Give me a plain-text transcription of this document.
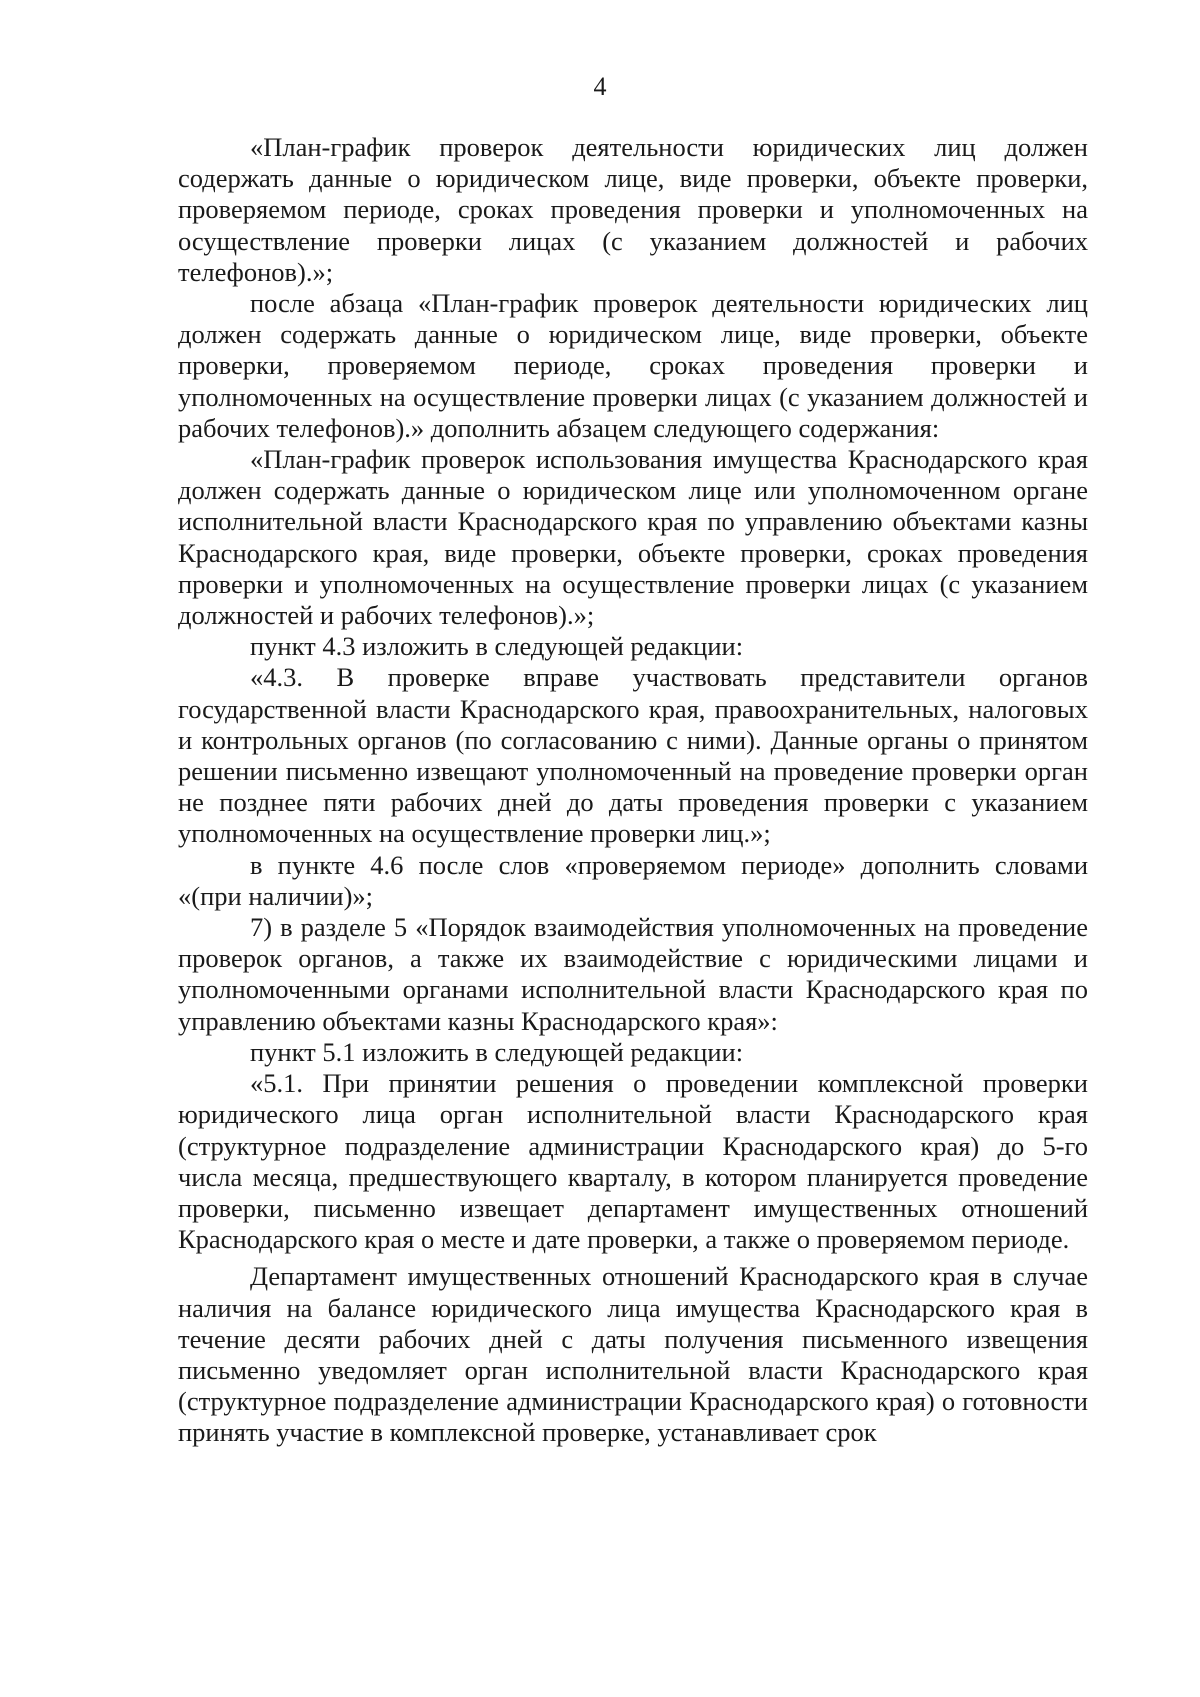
4

«План-график проверок деятельности юридических лиц должен содержать данные о юридическом лице, виде проверки, объекте проверки, проверяемом периоде, сроках проведения проверки и уполномоченных на осуществление проверки лицах (с указанием должностей и рабочих телефонов).»;

после абзаца «План-график проверок деятельности юридических лиц должен содержать данные о юридическом лице, виде проверки, объекте проверки, проверяемом периоде, сроках проведения проверки и уполномоченных на осуществление проверки лицах (с указанием должностей и рабочих телефонов).» дополнить абзацем следующего содержания:

«План-график проверок использования имущества Краснодарского края должен содержать данные о юридическом лице или уполномоченном органе исполнительной власти Краснодарского края по управлению объектами казны Краснодарского края, виде проверки, объекте проверки, сроках проведения проверки и уполномоченных на осуществление проверки лицах (с указанием должностей и рабочих телефонов).»;

пункт 4.3 изложить в следующей редакции:

«4.3. В проверке вправе участвовать представители органов государственной власти Краснодарского края, правоохранительных, налоговых и контрольных органов (по согласованию с ними). Данные органы о принятом решении письменно извещают уполномоченный на проведение проверки орган не позднее пяти рабочих дней до даты проведения проверки с указанием уполномоченных на осуществление проверки лиц.»;

в пункте 4.6 после слов «проверяемом периоде» дополнить словами «(при наличии)»;

7) в разделе 5 «Порядок взаимодействия уполномоченных на проведение проверок органов, а также их взаимодействие с юридическими лицами и уполномоченными органами исполнительной власти Краснодарского края по управлению объектами казны Краснодарского края»:

пункт 5.1 изложить в следующей редакции:

«5.1. При принятии решения о проведении комплексной проверки юридического лица орган исполнительной власти Краснодарского края (структурное подразделение администрации Краснодарского края) до 5-го числа месяца, предшествующего кварталу, в котором планируется проведение проверки, письменно извещает департамент имущественных отношений Краснодарского края о месте и дате проверки, а также о проверяемом периоде.

Департамент имущественных отношений Краснодарского края в случае наличия на балансе юридического лица имущества Краснодарского края в течение десяти рабочих дней с даты получения письменного извещения письменно уведомляет орган исполнительной власти Краснодарского края (структурное подразделение администрации Краснодарского края) о готовности принять участие в комплексной проверке, устанавливает срок
